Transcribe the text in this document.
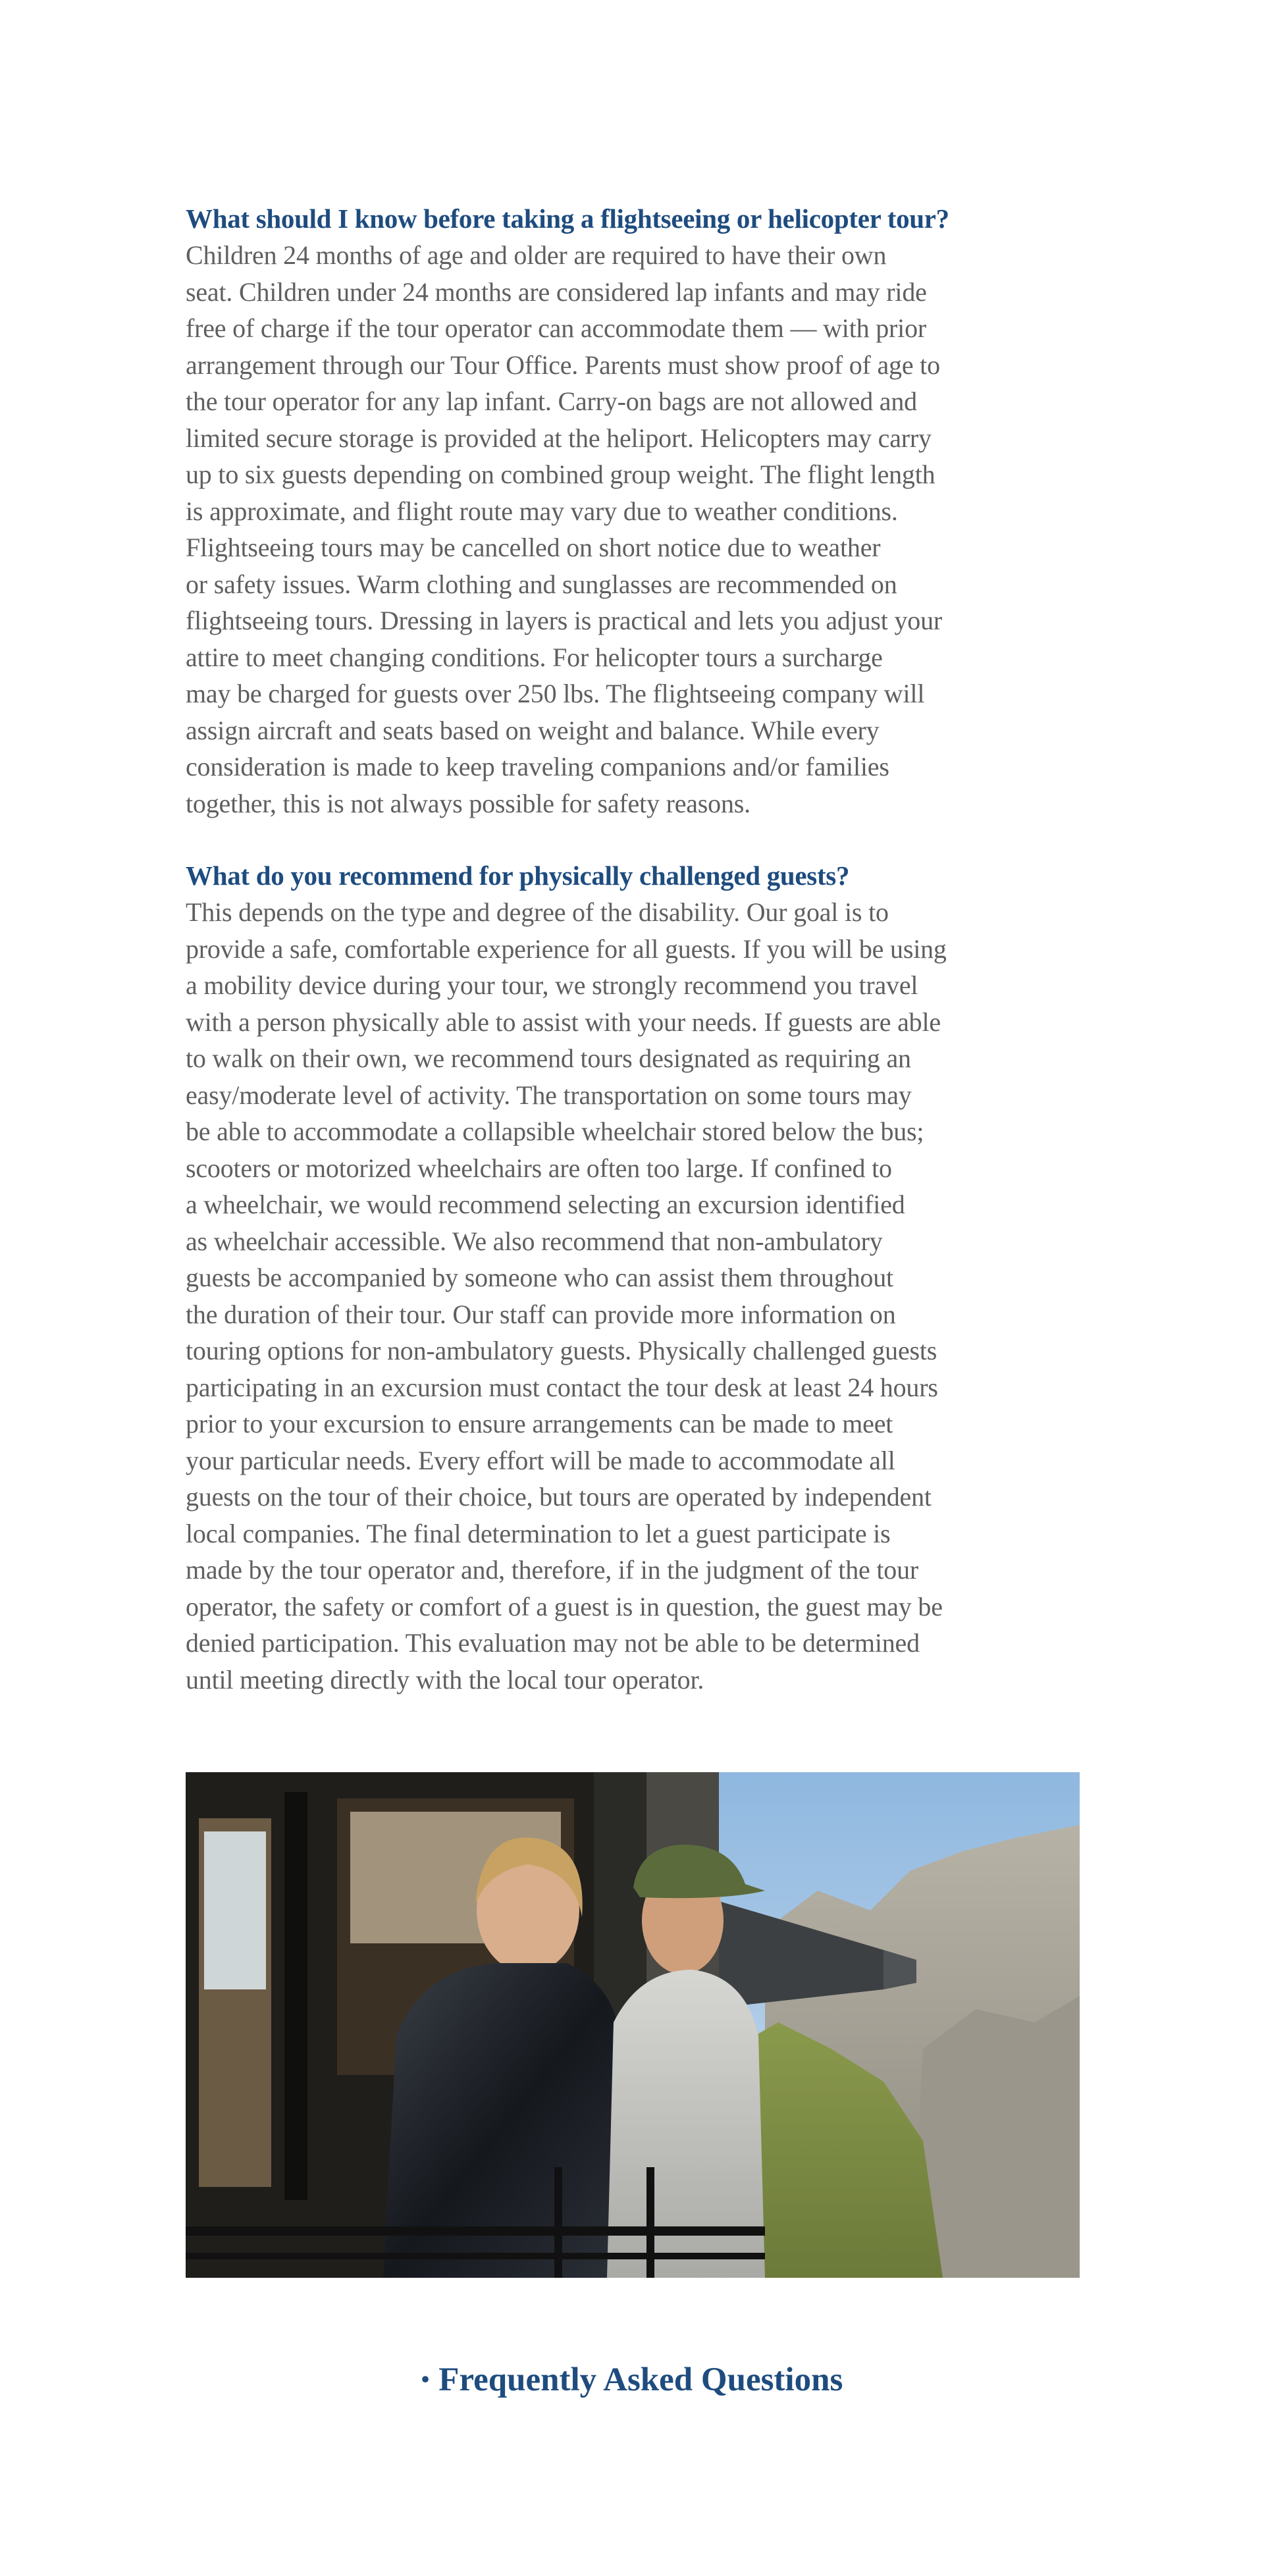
What should I know before taking a flightseeing or helicopter tour?

Children 24 months of age and older are required to have their own
seat. Children under 24 months are considered lap infants and may ride
free of charge if the tour operator can accommodate them — with prior
arrangement through our Tour Office. Parents must show proof of age to
the tour operator for any lap infant. Carry-on bags are not allowed and
limited secure storage is provided at the heliport. Helicopters may carry
up to six guests depending on combined group weight. The flight length
is approximate, and flight route may vary due to weather conditions.
Flightseeing tours may be cancelled on short notice due to weather
or safety issues. Warm clothing and sunglasses are recommended on
flightseeing tours. Dressing in layers is practical and lets you adjust your
attire to meet changing conditions. For helicopter tours a surcharge
may be charged for guests over 250 lbs. The flightseeing company will
assign aircraft and seats based on weight and balance. While every
consideration is made to keep traveling companions and/or families
together, this is not always possible for safety reasons.

What do you recommend for physically challenged guests?

This depends on the type and degree of the disability. Our goal is to
provide a safe, comfortable experience for all guests. If you will be using
a mobility device during your tour, we strongly recommend you travel
with a person physically able to assist with your needs. If guests are able
to walk on their own, we recommend tours designated as requiring an
easy/moderate level of activity. The transportation on some tours may
be able to accommodate a collapsible wheelchair stored below the bus;
scooters or motorized wheelchairs are often too large. If confined to
a wheelchair, we would recommend selecting an excursion identified
as wheelchair accessible. We also recommend that non-ambulatory
guests be accompanied by someone who can assist them throughout
the duration of their tour. Our staff can provide more information on
touring options for non-ambulatory guests. Physically challenged guests
participating in an excursion must contact the tour desk at least 24 hours
prior to your excursion to ensure arrangements can be made to meet
your particular needs. Every effort will be made to accommodate all
guests on the tour of their choice, but tours are operated by independent
local companies. The final determination to let a guest participate is
made by the tour operator and, therefore, if in the judgment of the tour
operator, the safety or comfort of a guest is in question, the guest may be
denied participation. This evaluation may not be able to be determined
until meeting directly with the local tour operator.

• Frequently Asked Questions
